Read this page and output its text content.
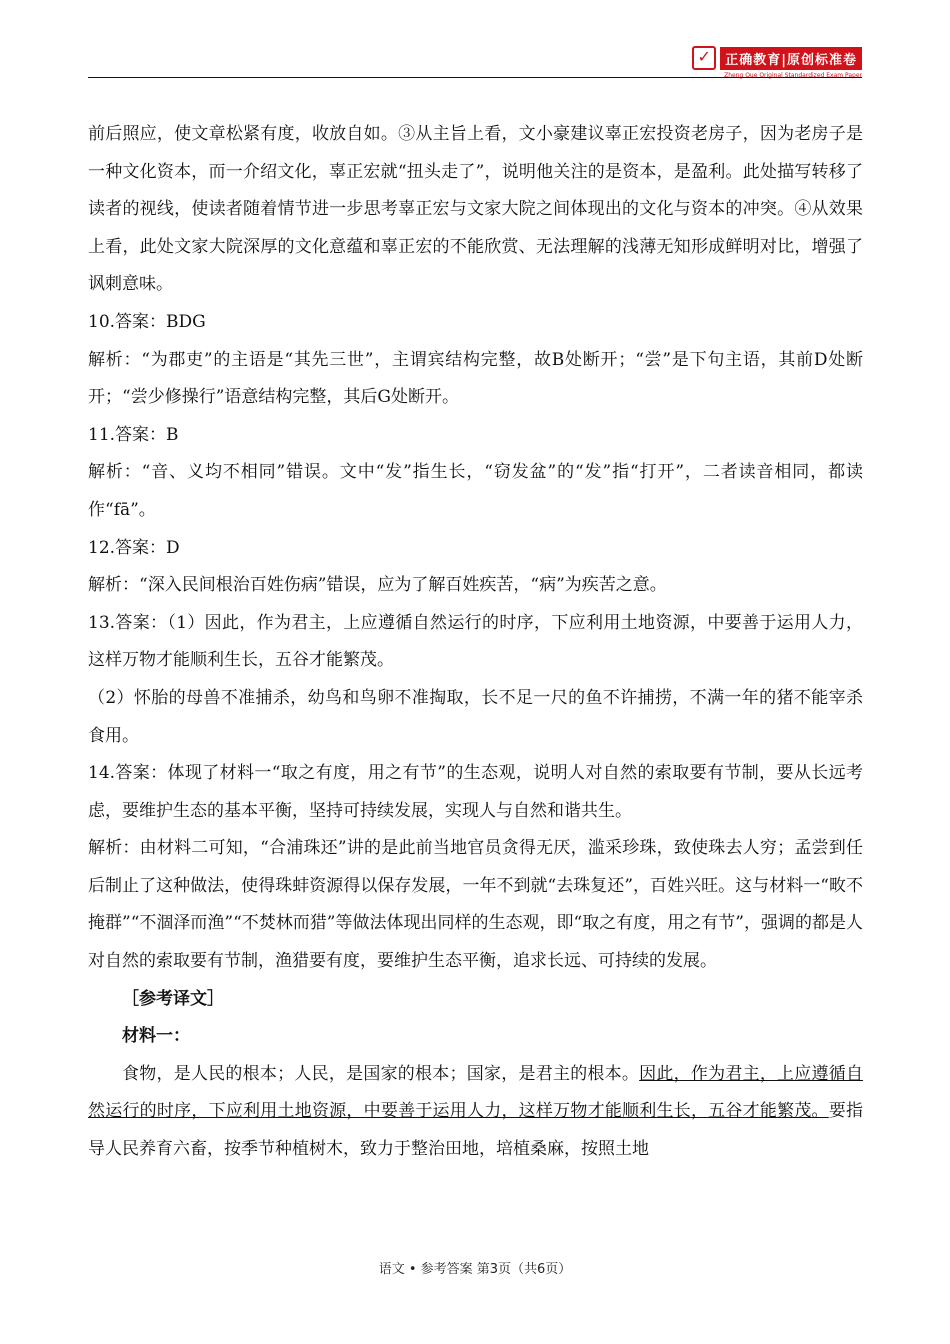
✓	正确教育|原创标准卷
Zheng Que Original Standardized Exam Paper

前后照应，使文章松紧有度，收放自如。③从主旨上看，文小豪建议辜正宏投资老房子，因为老房子是一种文化资本，而一介绍文化，辜正宏就“扭头走了”，说明他关注的是资本，是盈利。此处描写转移了读者的视线，使读者随着情节进一步思考辜正宏与文家大院之间体现出的文化与资本的冲突。④从效果上看，此处文家大院深厚的文化意蕴和辜正宏的不能欣赏、无法理解的浅薄无知形成鲜明对比，增强了讽刺意味。

10.答案：BDG

解析：“为郡吏”的主语是“其先三世”，主谓宾结构完整，故B处断开；“尝”是下句主语，其前D处断开；“尝少修操行”语意结构完整，其后G处断开。

11.答案：B

解析：“音、义均不相同”错误。文中“发”指生长，“窃发盆”的“发”指“打开”，二者读音相同，都读作“fā”。

12.答案：D

解析：“深入民间根治百姓伤病”错误，应为了解百姓疾苦，“病”为疾苦之意。

13.答案：（1）因此，作为君主，上应遵循自然运行的时序，下应利用土地资源，中要善于运用人力，这样万物才能顺利生长，五谷才能繁茂。

（2）怀胎的母兽不准捕杀，幼鸟和鸟卵不准掏取，长不足一尺的鱼不许捕捞，不满一年的猪不能宰杀食用。

14.答案：体现了材料一“取之有度，用之有节”的生态观，说明人对自然的索取要有节制，要从长远考虑，要维护生态的基本平衡，坚持可持续发展，实现人与自然和谐共生。

解析：由材料二可知，“合浦珠还”讲的是此前当地官员贪得无厌，滥采珍珠，致使珠去人穷；孟尝到任后制止了这种做法，使得珠蚌资源得以保存发展，一年不到就“去珠复还”，百姓兴旺。这与材料一“畋不掩群”“不涸泽而渔”“不焚林而猎”等做法体现出同样的生态观，即“取之有度，用之有节”，强调的都是人对自然的索取要有节制，渔猎要有度，要维护生态平衡，追求长远、可持续的发展。

［参考译文］

材料一：

食物，是人民的根本；人民，是国家的根本；国家，是君主的根本。因此，作为君主，上应遵循自然运行的时序，下应利用土地资源，中要善于运用人力，这样万物才能顺利生长，五谷才能繁茂。要指导人民养育六畜，按季节种植树木，致力于整治田地，培植桑麻，按照土地

语文 • 参考答案 第3页（共6页）
